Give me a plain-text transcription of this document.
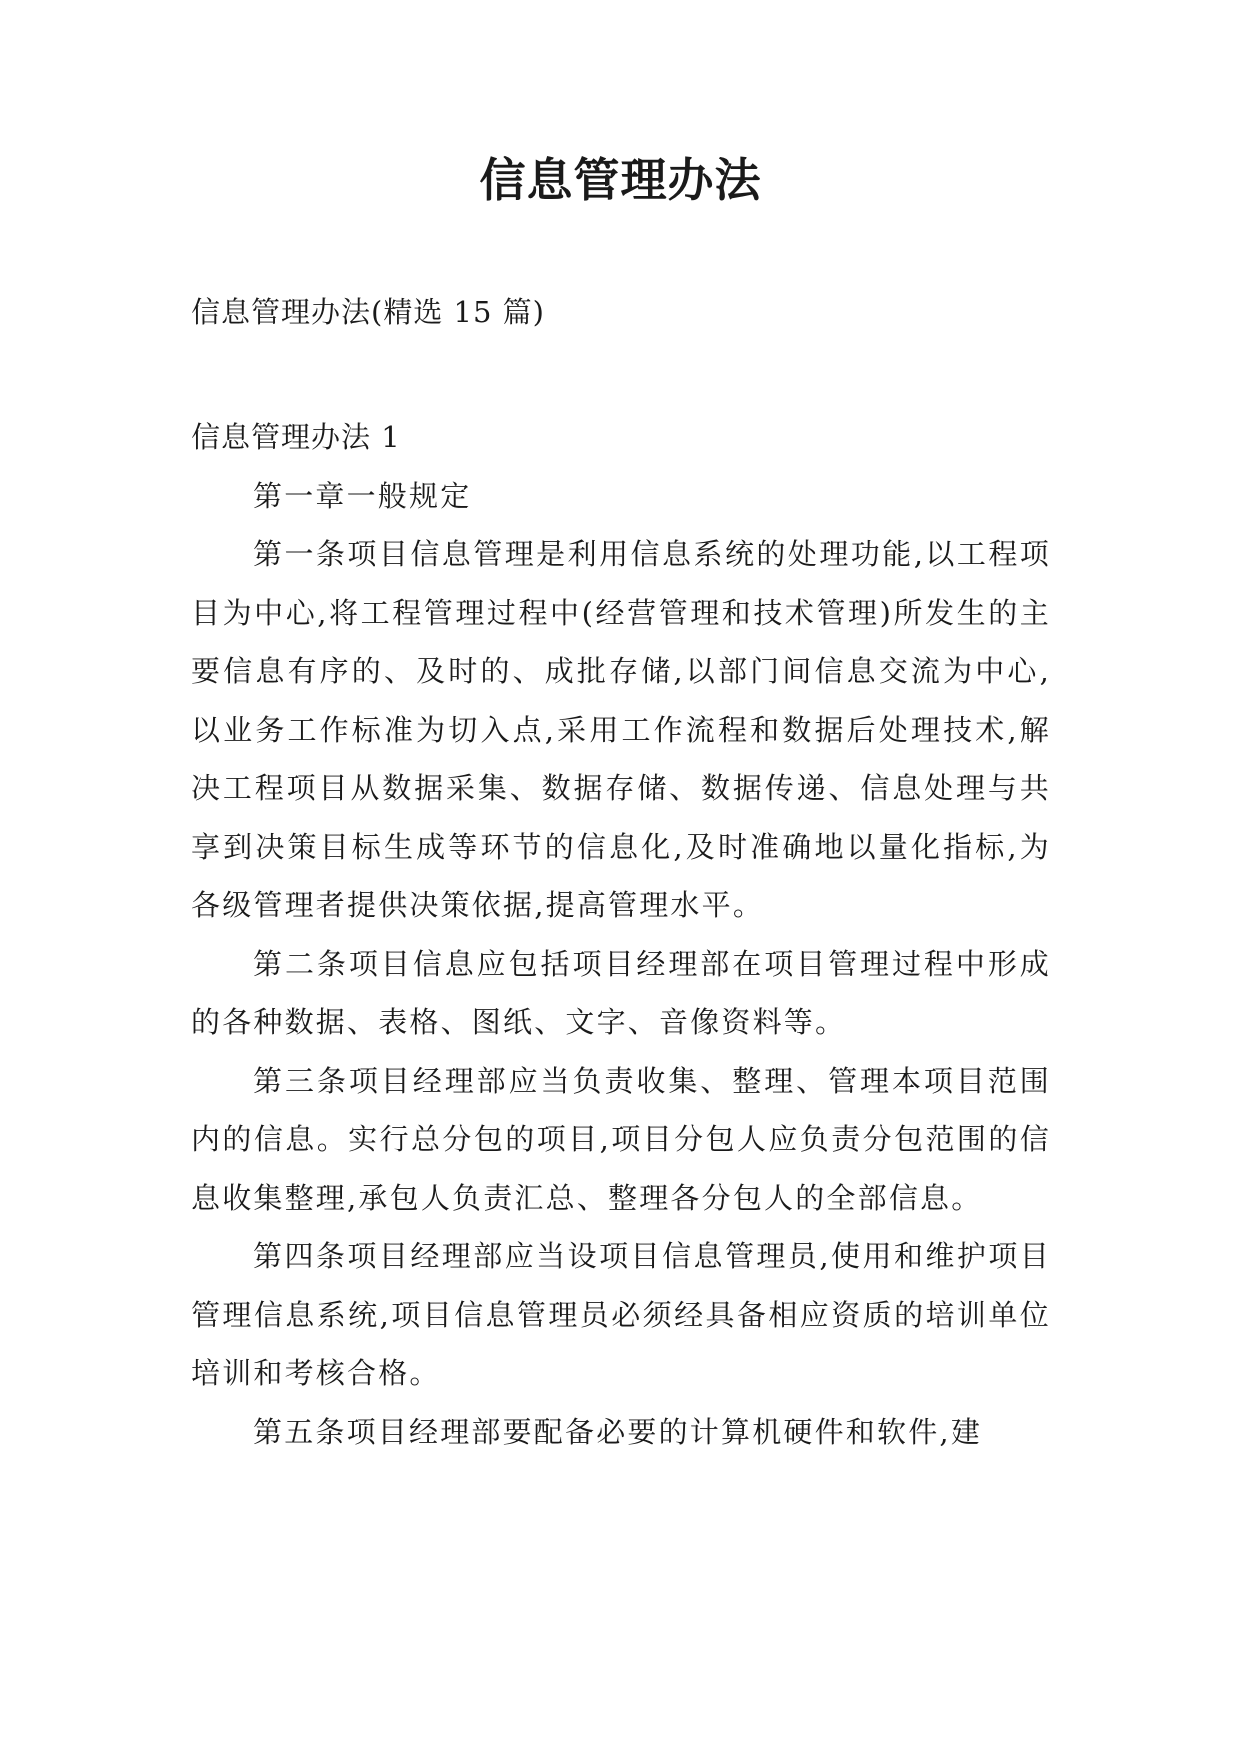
信息管理办法
信息管理办法(精选 15 篇)

信息管理办法 1

第一章一般规定

第一条项目信息管理是利用信息系统的处理功能,以工程项目为中心,将工程管理过程中(经营管理和技术管理)所发生的主要信息有序的、及时的、成批存储,以部门间信息交流为中心,以业务工作标准为切入点,采用工作流程和数据后处理技术,解决工程项目从数据采集、数据存储、数据传递、信息处理与共享到决策目标生成等环节的信息化,及时准确地以量化指标,为各级管理者提供决策依据,提高管理水平。

第二条项目信息应包括项目经理部在项目管理过程中形成的各种数据、表格、图纸、文字、音像资料等。

第三条项目经理部应当负责收集、整理、管理本项目范围内的信息。实行总分包的项目,项目分包人应负责分包范围的信息收集整理,承包人负责汇总、整理各分包人的全部信息。

第四条项目经理部应当设项目信息管理员,使用和维护项目管理信息系统,项目信息管理员必须经具备相应资质的培训单位培训和考核合格。

第五条项目经理部要配备必要的计算机硬件和软件,建
